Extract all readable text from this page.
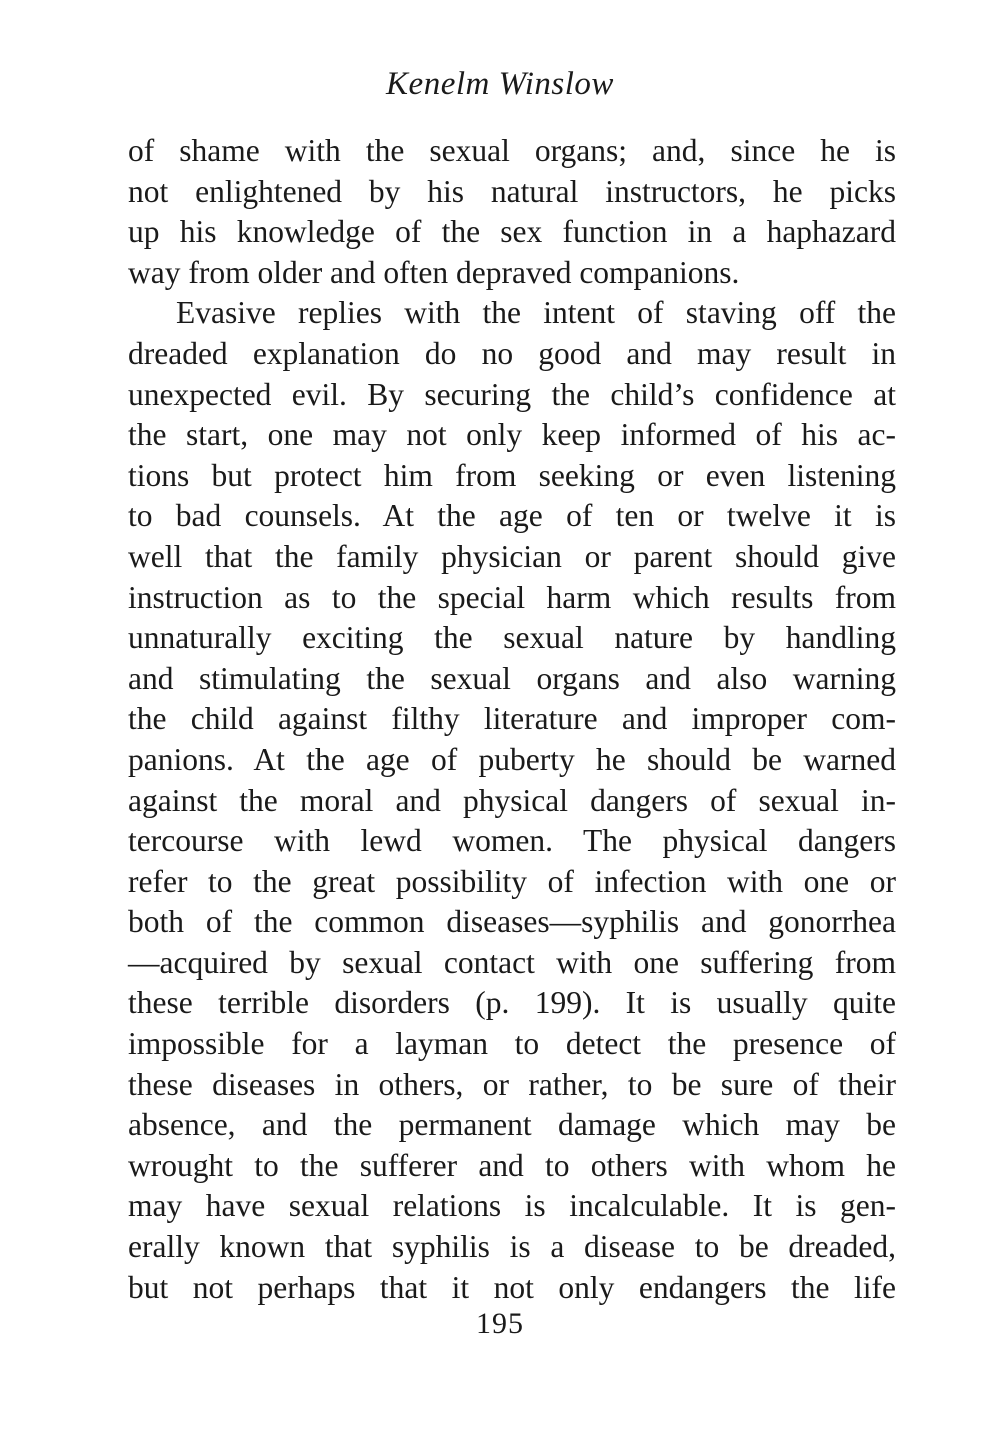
Kenelm Winslow
of shame with the sexual organs; and, since he is
not enlightened by his natural instructors, he picks
up his knowledge of the sex function in a haphazard
way from older and often depraved companions.
Evasive replies with the intent of staving off the
dreaded explanation do no good and may result in
unexpected evil. By securing the child’s confidence at
the start, one may not only keep informed of his ac-
tions but protect him from seeking or even listening
to bad counsels. At the age of ten or twelve it is
well that the family physician or parent should give
instruction as to the special harm which results from
unnaturally exciting the sexual nature by handling
and stimulating the sexual organs and also warning
the child against filthy literature and improper com-
panions. At the age of puberty he should be warned
against the moral and physical dangers of sexual in-
tercourse with lewd women. The physical dangers
refer to the great possibility of infection with one or
both of the common diseases—syphilis and gonorrhea
—acquired by sexual contact with one suffering from
these terrible disorders (p. 199). It is usually quite
impossible for a layman to detect the presence of
these diseases in others, or rather, to be sure of their
absence, and the permanent damage which may be
wrought to the sufferer and to others with whom he
may have sexual relations is incalculable. It is gen-
erally known that syphilis is a disease to be dreaded,
but not perhaps that it not only endangers the life
195
